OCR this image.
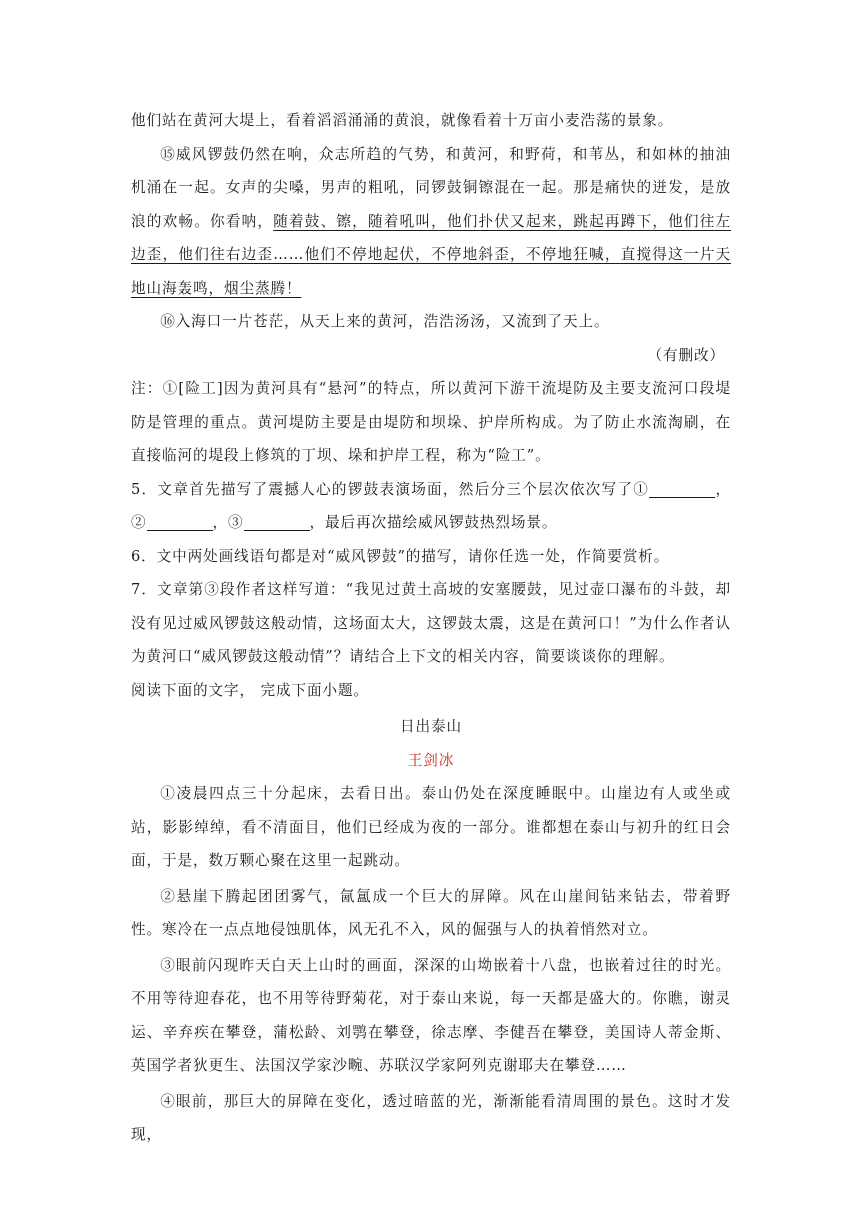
他们站在黄河大堤上，看着滔滔涌涌的黄浪，就像看着十万亩小麦浩荡的景象。

⑮威风锣鼓仍然在响，众志所趋的气势，和黄河，和野荷，和苇丛，和如林的抽油机涌在一起。女声的尖嗓，男声的粗吼，同锣鼓铜镲混在一起。那是痛快的迸发，是放浪的欢畅。你看呐，随着鼓、镲，随着吼叫，他们扑伏又起来，跳起再蹲下，他们往左边歪，他们往右边歪……他们不停地起伏，不停地斜歪，不停地狂喊，直搅得这一片天地山海轰鸣，烟尘蒸腾！

⑯入海口一片苍茫，从天上来的黄河，浩浩汤汤，又流到了天上。

（有删改）

注：①[险工]因为黄河具有“悬河”的特点，所以黄河下游干流堤防及主要支流河口段堤防是管理的重点。黄河堤防主要是由堤防和坝垛、护岸所构成。为了防止水流淘刷，在直接临河的堤段上修筑的丁坝、垛和护岸工程，称为“险工”。

5．文章首先描写了震撼人心的锣鼓表演场面，然后分三个层次依次写了①	，②	，③	，最后再次描绘威风锣鼓热烈场景。

6．文中两处画线语句都是对“威风锣鼓”的描写，请你任选一处，作简要赏析。

7．文章第③段作者这样写道：“我见过黄土高坡的安塞腰鼓，见过壶口瀑布的斗鼓，却没有见过威风锣鼓这般动情，这场面太大，这锣鼓太震，这是在黄河口！”为什么作者认为黄河口“威风锣鼓这般动情”？请结合上下文的相关内容，简要谈谈你的理解。

阅读下面的文字， 完成下面小题。

日出泰山

王剑冰

①凌晨四点三十分起床，去看日出。泰山仍处在深度睡眠中。山崖边有人或坐或站，影影绰绰，看不清面目，他们已经成为夜的一部分。谁都想在泰山与初升的红日会面，于是，数万颗心聚在这里一起跳动。

②悬崖下腾起团团雾气，氤氲成一个巨大的屏障。风在山崖间钻来钻去，带着野性。寒冷在一点点地侵蚀肌体，风无孔不入，风的倔强与人的执着悄然对立。

③眼前闪现昨天白天上山时的画面，深深的山坳嵌着十八盘，也嵌着过往的时光。不用等待迎春花，也不用等待野菊花，对于泰山来说，每一天都是盛大的。你瞧，谢灵运、辛弃疾在攀登，蒲松龄、刘鹗在攀登，徐志摩、李健吾在攀登，美国诗人蒂金斯、英国学者狄更生、法国汉学家沙畹、苏联汉学家阿列克谢耶夫在攀登……

④眼前，那巨大的屏障在变化，透过暗蓝的光，渐渐能看清周围的景色。这时才发现，
